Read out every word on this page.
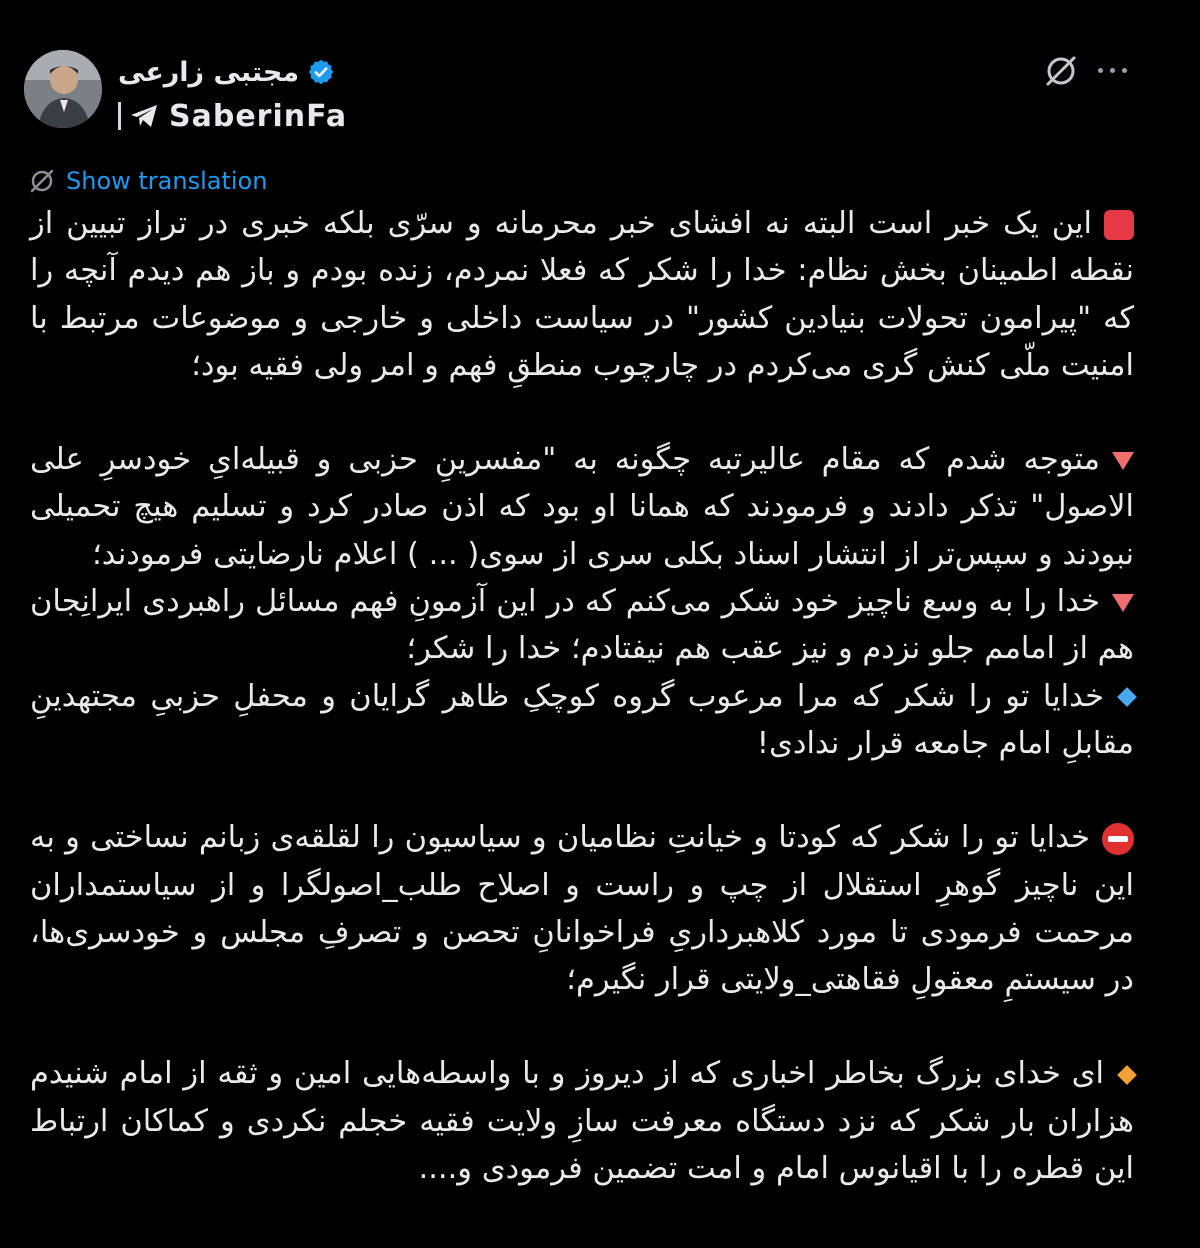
مجتبی زارعی
SaberinFa
Show translation

این یک خبر است البته نه افشای خبر محرمانه و سرّی بلکه خبری در تراز تبیین از نقطه اطمینان بخش نظام: خدا را شکر که فعلا نمردم، زنده بودم و باز هم دیدم آنچه را که "پیرامون تحولات بنیادین کشور" در سیاست داخلی و خارجی و موضوعات مرتبط با امنیت ملّی کنش گری می‌کردم در چارچوب منطقِ فهم و امر ولی فقیه بود؛

متوجه شدم که مقام عالیرتبه چگونه به "مفسرینِ حزبی و قبیله‌ایِ خودسرِ علی الاصول" تذکر دادند و فرمودند که همانا او بود که اذن صادر کرد و تسلیم هیچ تحمیلی نبودند و سپس‌تر از انتشار اسناد بکلی سری از سوی( ... ) اعلام نارضایتی فرمودند؛

خدا را به وسع ناچیز خود شکر می‌کنم که در این آزمونِ فهم مسائل راهبردی ایرانِجان هم از امامم جلو نزدم و نیز عقب هم نیفتادم؛ خدا را شکر؛

خدایا تو را شکر که مرا مرعوب گروه کوچکِ ظاهر گرایان و محفلِ حزبیِ مجتهدینِ مقابلِ امام جامعه قرار ندادی!

خدایا تو را شکر که کودتا و خیانتِ نظامیان و سیاسیون را لقلقه‌ی زبانم نساختی و به این ناچیز گوهرِ استقلال از چپ و راست و اصلاح طلب_اصولگرا و از سیاستمداران مرحمت فرمودی تا مورد کلاهبرداریِ فراخوانانِ تحصن و تصرفِ مجلس و خودسری‌ها، در سیستمِ معقولِ فقاهتی_ولایتی قرار نگیرم؛

ای خدای بزرگ بخاطر اخباری که از دیروز و با واسطه‌هایی امین و ثقه از امام شنیدم هزاران بار شکر که نزد دستگاه معرفت سازِ ولایت فقیه خجلم نکردی و کماکان ارتباط این قطره را با اقیانوس امام و امت تضمین فرمودی و....
